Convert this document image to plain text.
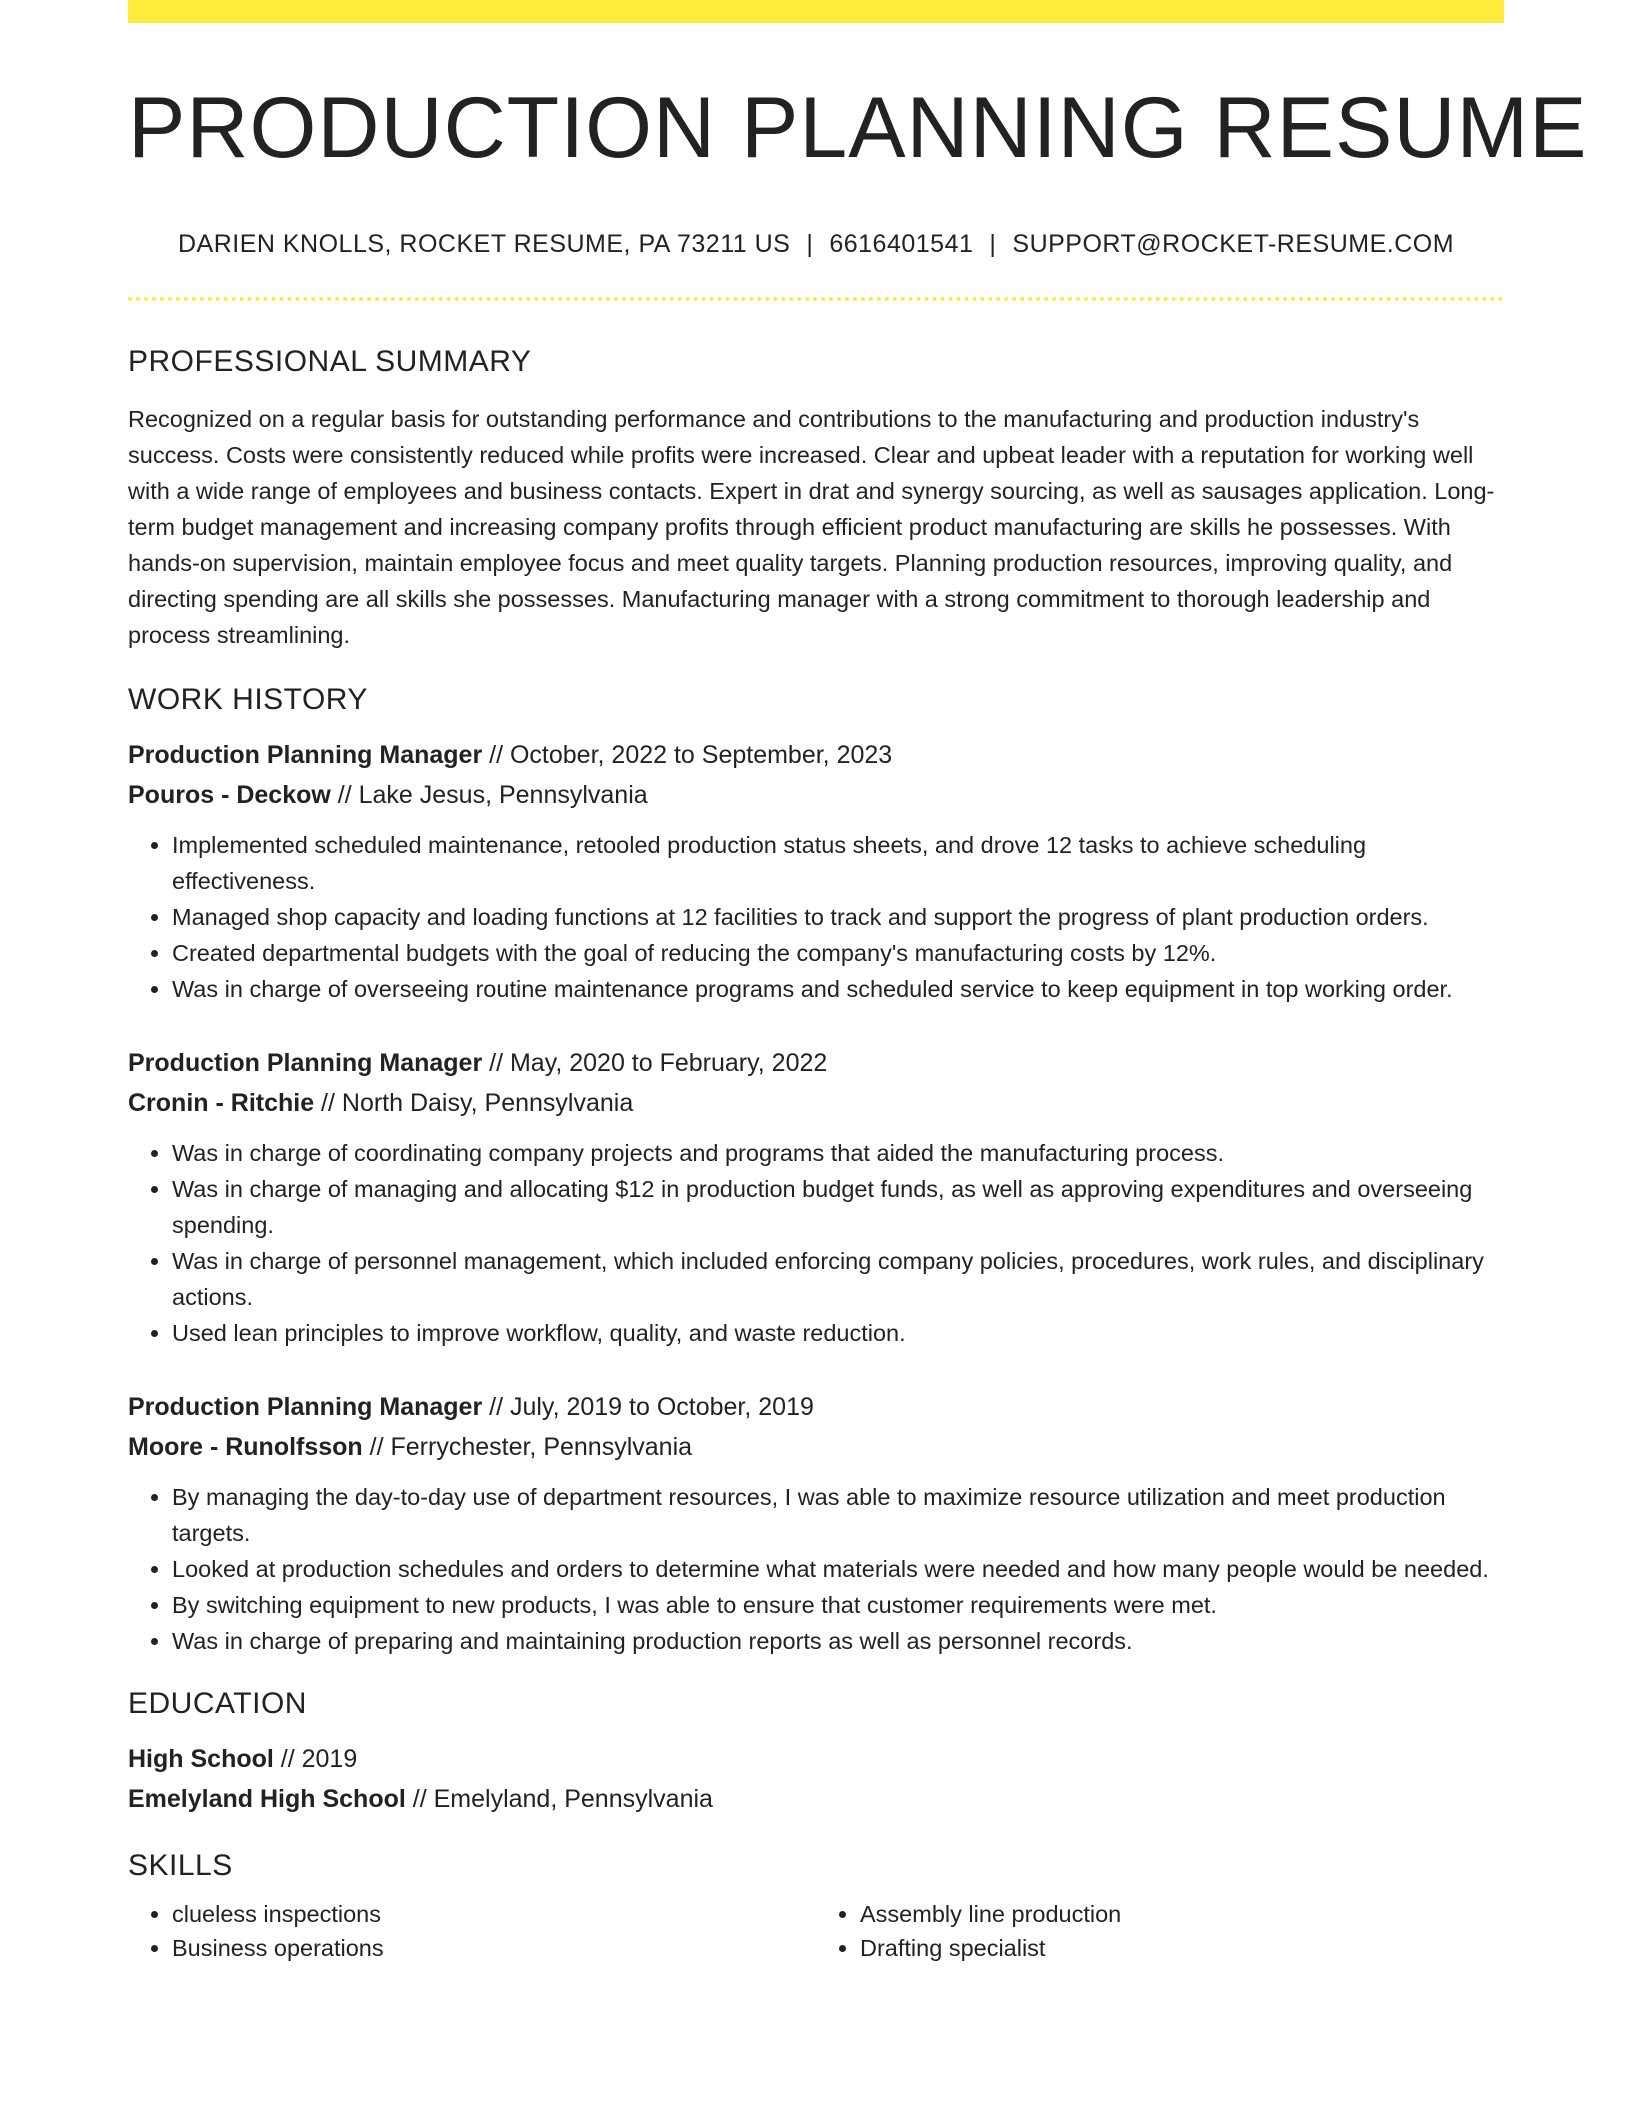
PRODUCTION PLANNING RESUME
DARIEN KNOLLS, ROCKET RESUME, PA 73211 US | 6616401541 | SUPPORT@ROCKET-RESUME.COM
PROFESSIONAL SUMMARY

Recognized on a regular basis for outstanding performance and contributions to the manufacturing and production industry's success. Costs were consistently reduced while profits were increased. Clear and upbeat leader with a reputation for working well with a wide range of employees and business contacts. Expert in drat and synergy sourcing, as well as sausages application. Long-term budget management and increasing company profits through efficient product manufacturing are skills he possesses. With hands-on supervision, maintain employee focus and meet quality targets. Planning production resources, improving quality, and directing spending are all skills she possesses. Manufacturing manager with a strong commitment to thorough leadership and process streamlining.

WORK HISTORY
Production Planning Manager // October, 2022 to September, 2023
Pouros - Deckow // Lake Jesus, Pennsylvania
• Implemented scheduled maintenance, retooled production status sheets, and drove 12 tasks to achieve scheduling effectiveness.
• Managed shop capacity and loading functions at 12 facilities to track and support the progress of plant production orders.
• Created departmental budgets with the goal of reducing the company's manufacturing costs by 12%.
• Was in charge of overseeing routine maintenance programs and scheduled service to keep equipment in top working order.
Production Planning Manager // May, 2020 to February, 2022
Cronin - Ritchie // North Daisy, Pennsylvania
• Was in charge of coordinating company projects and programs that aided the manufacturing process.
• Was in charge of managing and allocating $12 in production budget funds, as well as approving expenditures and overseeing spending.
• Was in charge of personnel management, which included enforcing company policies, procedures, work rules, and disciplinary actions.
• Used lean principles to improve workflow, quality, and waste reduction.
Production Planning Manager // July, 2019 to October, 2019
Moore - Runolfsson // Ferrychester, Pennsylvania
• By managing the day-to-day use of department resources, I was able to maximize resource utilization and meet production targets.
• Looked at production schedules and orders to determine what materials were needed and how many people would be needed.
• By switching equipment to new products, I was able to ensure that customer requirements were met.
• Was in charge of preparing and maintaining production reports as well as personnel records.
EDUCATION
High School // 2019
Emelyland High School // Emelyland, Pennsylvania
SKILLS
• clueless inspections
• Business operations
• Assembly line production
• Drafting specialist
